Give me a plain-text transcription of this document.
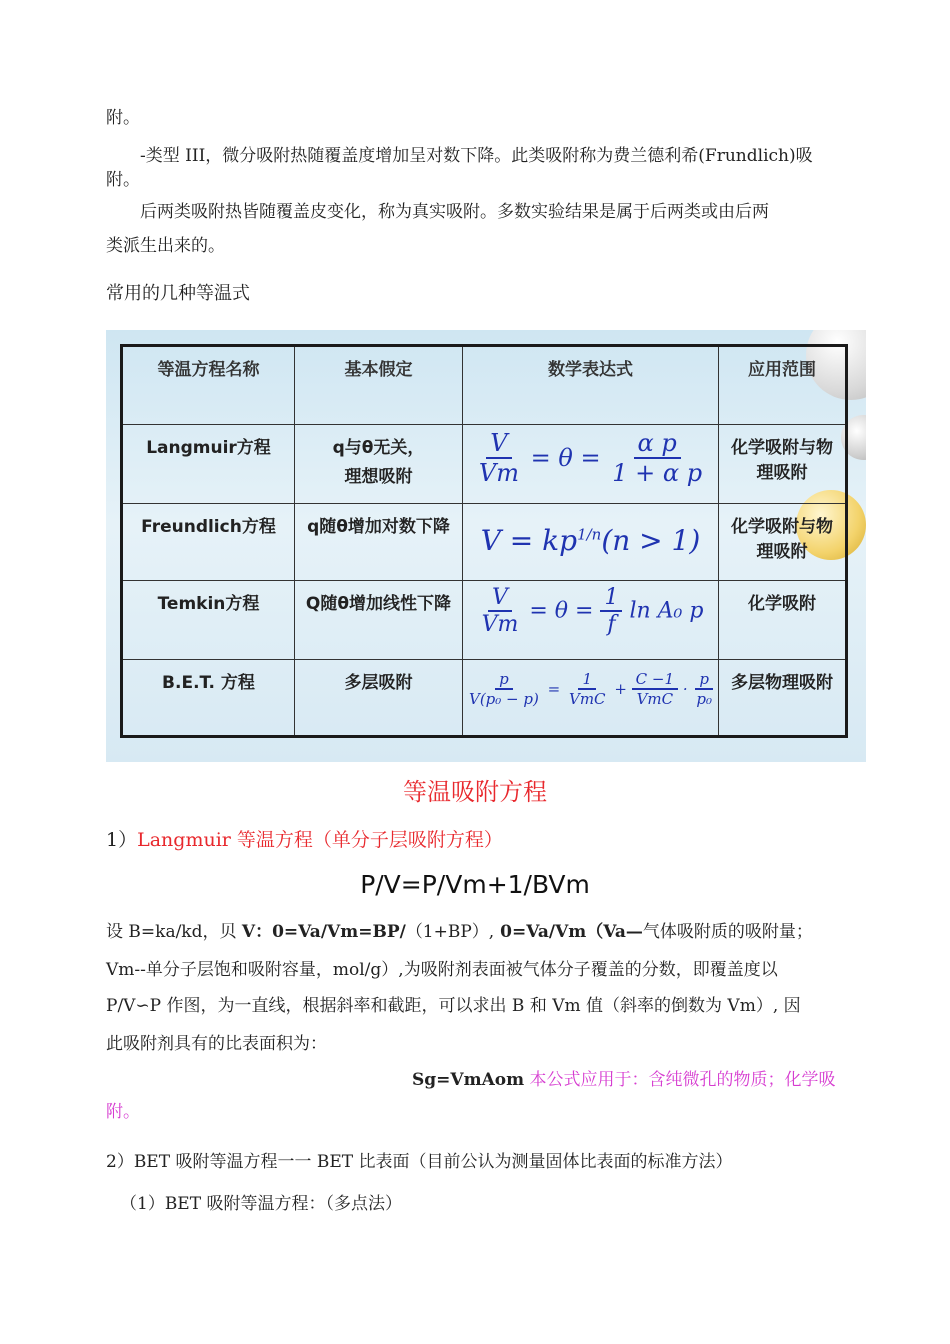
附。
-类型 III，微分吸附热随覆盖度增加呈对数下降。此类吸附称为费兰德利希(Frundlich)吸
附。
后两类吸附热皆随覆盖皮变化，称为真实吸附。多数实验结果是属于后两类或由后两
类派生出来的。
常用的几种等温式
等温方程名称	基本假定	数学表达式	应用范围
Langmuir方程	q与θ无关，
理想吸附	$\frac{V}{Vm} = \theta = \frac{\text{α p}}{\text{1 + α p}}$	化学吸附与物
理吸附
Freundlich方程	q随θ增加对数下降	$V = kp^{1/n}(n > 1)$	化学吸附与物
理吸附
Temkin方程	Q随θ增加线性下降	$\frac{V}{Vm} = \theta = \frac{1}{f}$ ln A₀ p	化学吸附
B.E.T. 方程	多层吸附	$\frac{p}{\text{V(p₀ − p)}} = \frac{1}{\text{VmC}} + \frac{C -1}{\text{VmC}} \cdot \frac{p}{\text{p₀}}$ 多层物理吸附
等温吸附方程
1）Langmuir 等温方程（单分子层吸附方程）
P/V=P/Vm+1/BVm
设 B=ka/kd，贝 V：0=Va/Vm=BP/（1+BP）, 0=Va/Vm（Va—气体吸附质的吸附量；
Vm--单分子层饱和吸附容量，mol/g）,为吸附剂表面被气体分子覆盖的分数，即覆盖度以
P/V∽P 作图，为一直线，根据斜率和截距，可以求出 B 和 Vm 值（斜率的倒数为 Vm）, 因
此吸附剂具有的比表面积为：
Sg=VmAom 本公式应用于：含纯微孔的物质；化学吸
附。
2）BET 吸附等温方程一一 BET 比表面（目前公认为测量固体比表面的标准方法）
（1）BET 吸附等温方程：（多点法）
